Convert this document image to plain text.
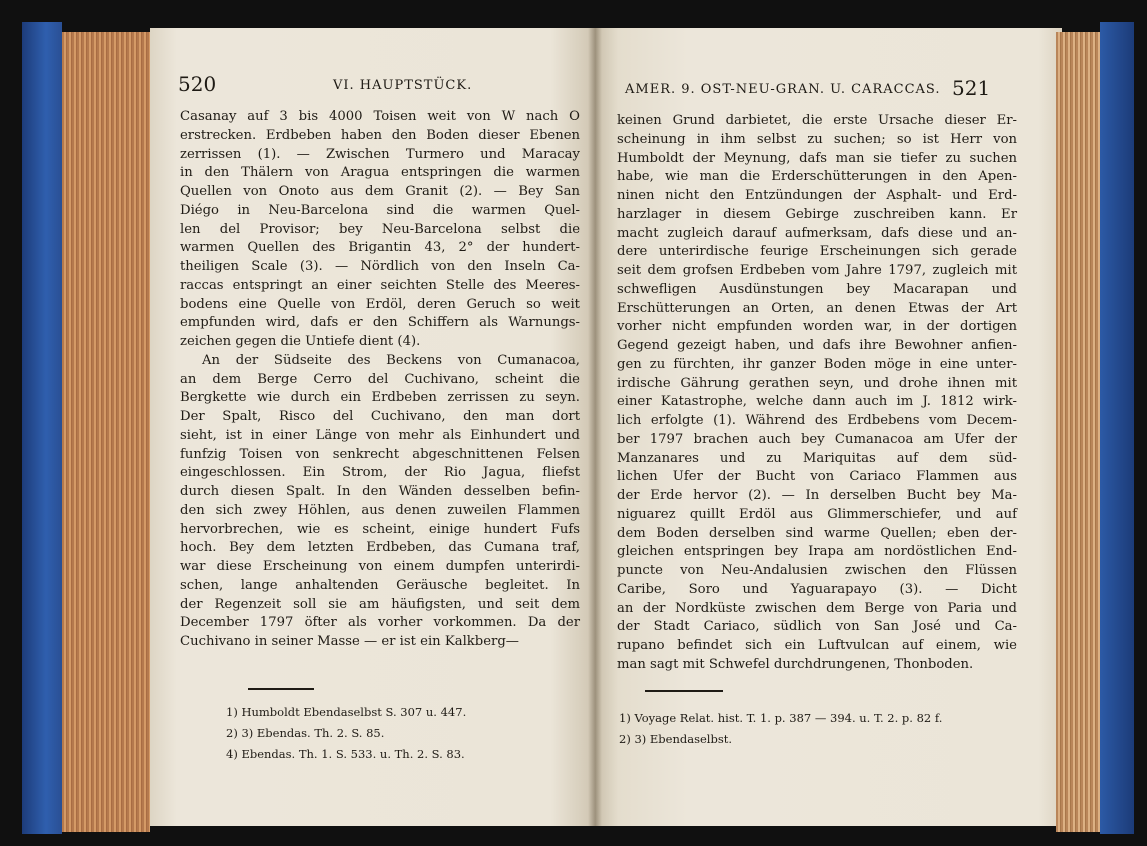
520	VI. HAUPTSTÜCK.
Casanay auf 3 bis 4000 Toisen weit von W nach O
erstrecken. Erdbeben haben den Boden dieser Ebenen
zerrissen (1). — Zwischen Turmero und Maracay
in den Thälern von Aragua entspringen die warmen
Quellen von Onoto aus dem Granit (2). — Bey San
Diégo in Neu-Barcelona sind die warmen Quel-
len del Provisor; bey Neu-Barcelona selbst die
warmen Quellen des Brigantin 43, 2° der hundert-
theiligen Scale (3). — Nördlich von den Inseln Ca-
raccas entspringt an einer seichten Stelle des Meeres-
bodens eine Quelle von Erdöl, deren Geruch so weit
empfunden wird, dafs er den Schiffern als Warnungs-
zeichen gegen die Untiefe dient (4).
An der Südseite des Beckens von Cumanacoa,
an dem Berge Cerro del Cuchivano, scheint die
Bergkette wie durch ein Erdbeben zerrissen zu seyn.
Der Spalt, Risco del Cuchivano, den man dort
sieht, ist in einer Länge von mehr als Einhundert und
funfzig Toisen von senkrecht abgeschnittenen Felsen
eingeschlossen. Ein Strom, der Rio Jagua, fliefst
durch diesen Spalt. In den Wänden desselben befin-
den sich zwey Höhlen, aus denen zuweilen Flammen
hervorbrechen, wie es scheint, einige hundert Fufs
hoch. Bey dem letzten Erdbeben, das Cumana traf,
war diese Erscheinung von einem dumpfen unterirdi-
schen, lange anhaltenden Geräusche begleitet. In
der Regenzeit soll sie am häufigsten, und seit dem
December 1797 öfter als vorher vorkommen. Da der
Cuchivano in seiner Masse — er ist ein Kalkberg—
1) Humboldt Ebendaselbst S. 307 u. 447.
2) 3) Ebendas. Th. 2. S. 85.
4) Ebendas. Th. 1. S. 533. u. Th. 2. S. 83.
AMER. 9. OST-NEU-GRAN. U. CARACCAS. 521
keinen Grund darbietet, die erste Ursache dieser Er-
scheinung in ihm selbst zu suchen; so ist Herr von
Humboldt der Meynung, dafs man sie tiefer zu suchen
habe, wie man die Erderschütterungen in den Apen-
ninen nicht den Entzündungen der Asphalt- und Erd-
harzlager in diesem Gebirge zuschreiben kann. Er
macht zugleich darauf aufmerksam, dafs diese und an-
dere unterirdische feurige Erscheinungen sich gerade
seit dem grofsen Erdbeben vom Jahre 1797, zugleich mit
schwefligen Ausdünstungen bey Macarapan und
Erschütterungen an Orten, an denen Etwas der Art
vorher nicht empfunden worden war, in der dortigen
Gegend gezeigt haben, und dafs ihre Bewohner anfien-
gen zu fürchten, ihr ganzer Boden möge in eine unter-
irdische Gährung gerathen seyn, und drohe ihnen mit
einer Katastrophe, welche dann auch im J. 1812 wirk-
lich erfolgte (1). Während des Erdbebens vom Decem-
ber 1797 brachen auch bey Cumanacoa am Ufer der
Manzanares und zu Mariquitas auf dem süd-
lichen Ufer der Bucht von Cariaco Flammen aus
der Erde hervor (2). — In derselben Bucht bey Ma-
niguarez quillt Erdöl aus Glimmerschiefer, und auf
dem Boden derselben sind warme Quellen; eben der-
gleichen entspringen bey Irapa am nordöstlichen End-
puncte von Neu-Andalusien zwischen den Flüssen
Caribe, Soro und Yaguarapayo (3). — Dicht
an der Nordküste zwischen dem Berge von Paria und
der Stadt Cariaco, südlich von San José und Ca-
rupano befindet sich ein Luftvulcan auf einem, wie
man sagt mit Schwefel durchdrungenen, Thonboden.
1) Voyage Relat. hist. T. 1. p. 387 — 394. u. T. 2. p. 82 f.
2) 3) Ebendaselbst.
